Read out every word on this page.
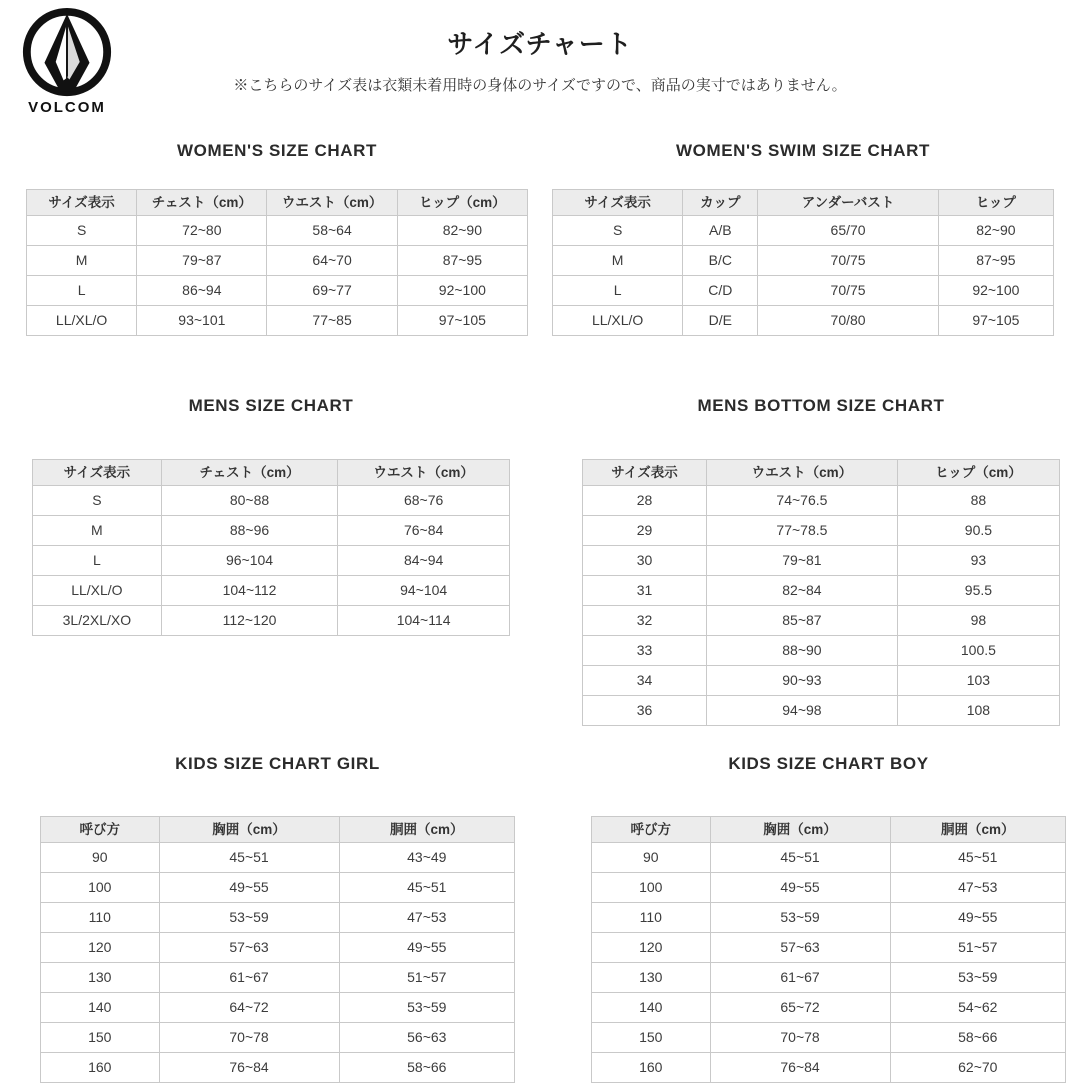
VOLCOM
サイズチャート

※こちらのサイズ表は衣類未着用時の身体のサイズですので、商品の実寸ではありません。

WOMEN'S SIZE CHART
サイズ表示	チェスト（cm）	ウエスト（cm）	ヒップ（cm）
S	72~80	58~64	82~90
M	79~87	64~70	87~95
L	86~94	69~77	92~100
LL/XL/O	93~101	77~85	97~105
WOMEN'S SWIM SIZE CHART
サイズ表示	カップ	アンダーバスト	ヒップ
S	A/B	65/70	82~90
M	B/C	70/75	87~95
L	C/D	70/75	92~100
LL/XL/O	D/E	70/80	97~105
MENS SIZE CHART
サイズ表示	チェスト（cm）	ウエスト（cm）
S	80~88	68~76
M	88~96	76~84
L	96~104	84~94
LL/XL/O	104~112	94~104
3L/2XL/XO	112~120	104~114
MENS BOTTOM SIZE CHART
サイズ表示	ウエスト（cm）	ヒップ（cm）
28	74~76.5	88
29	77~78.5	90.5
30	79~81	93
31	82~84	95.5
32	85~87	98
33	88~90	100.5
34	90~93	103
36	94~98	108
KIDS SIZE CHART GIRL
呼び方	胸囲（cm）	胴囲（cm）
90	45~51	43~49
100	49~55	45~51
110	53~59	47~53
120	57~63	49~55
130	61~67	51~57
140	64~72	53~59
150	70~78	56~63
160	76~84	58~66
KIDS SIZE CHART BOY
呼び方	胸囲（cm）	胴囲（cm）
90	45~51	45~51
100	49~55	47~53
110	53~59	49~55
120	57~63	51~57
130	61~67	53~59
140	65~72	54~62
150	70~78	58~66
160	76~84	62~70
